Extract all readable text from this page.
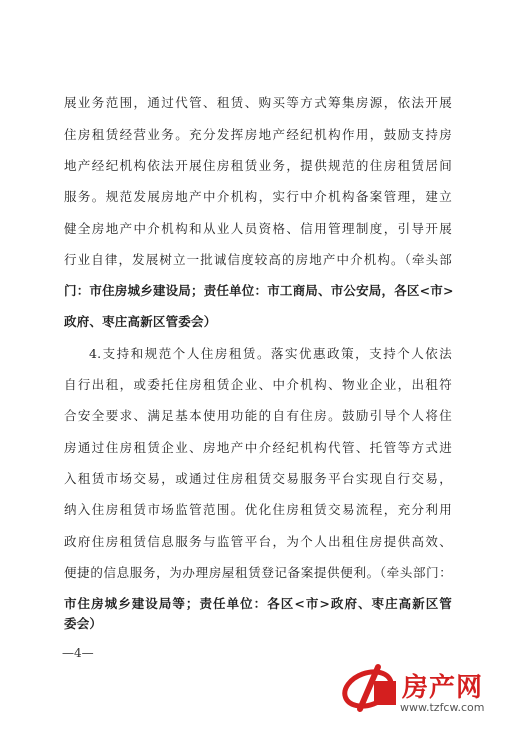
展业务范围，通过代管、租赁、购买等方式筹集房源，依法开展
住房租赁经营业务。充分发挥房地产经纪机构作用，鼓励支持房
地产经纪机构依法开展住房租赁业务，提供规范的住房租赁居间
服务。规范发展房地产中介机构，实行中介机构备案管理，建立
健全房地产中介机构和从业人员资格、信用管理制度，引导开展
行业自律，发展树立一批诚信度较高的房地产中介机构。（牵头部
门：市住房城乡建设局；责任单位：市工商局、市公安局，各区<市>
政府、枣庄高新区管委会）
4.支持和规范个人住房租赁。落实优惠政策，支持个人依法
自行出租，或委托住房租赁企业、中介机构、物业企业，出租符
合安全要求、满足基本使用功能的自有住房。鼓励引导个人将住
房通过住房租赁企业、房地产中介经纪机构代管、托管等方式进
入租赁市场交易，或通过住房租赁交易服务平台实现自行交易，
纳入住房租赁市场监管范围。优化住房租赁交易流程，充分利用
政府住房租赁信息服务与监管平台，为个人出租住房提供高效、
便捷的信息服务，为办理房屋租赁登记备案提供便利。（牵头部门：
市住房城乡建设局等；责任单位：各区<市>政府、枣庄高新区管
委会）
—4—
房产网
www.tzfcw.com
